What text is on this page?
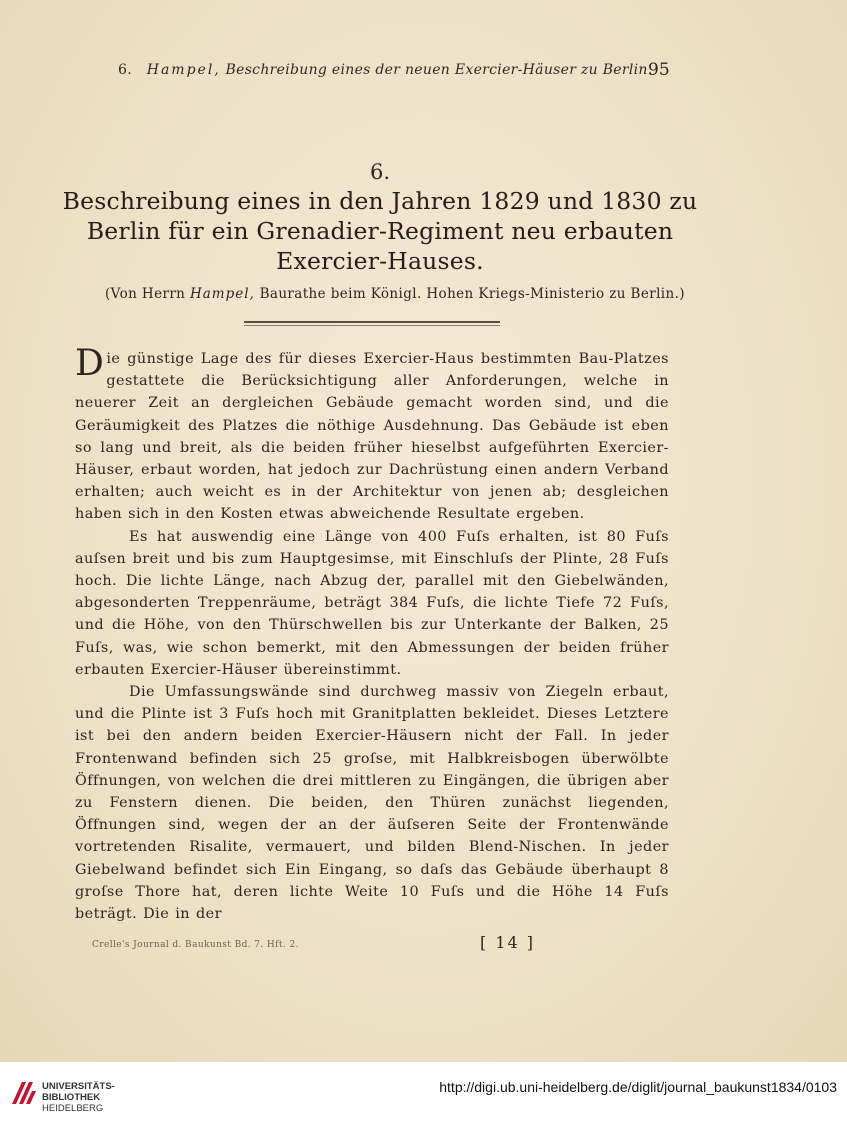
6. Hampel, Beschreibung eines der neuen Exercier-Häuser zu Berlin.
95
6.
Beschreibung eines in den Jahren 1829 und 1830 zu
Berlin für ein Grenadier-Regiment neu erbauten
Exercier-Hauses.
(Von Herrn Hampel, Baurathe beim Königl. Hohen Kriegs-Ministerio zu Berlin.)

Die günstige Lage des für dieses Exercier-Haus bestimmten Bau-Platzes gestattete die Berücksichtigung aller Anforderungen, welche in neuerer Zeit an dergleichen Gebäude gemacht worden sind, und die Geräumigkeit des Platzes die nöthige Ausdehnung. Das Gebäude ist eben so lang und breit, als die beiden früher hieselbst aufgeführten Exercier-Häuser, erbaut worden, hat jedoch zur Dachrüstung einen andern Verband erhalten; auch weicht es in der Architektur von jenen ab; desgleichen haben sich in den Kosten etwas abweichende Resultate ergeben.

Es hat auswendig eine Länge von 400 Fuſs erhalten, ist 80 Fuſs auſsen breit und bis zum Hauptgesimse, mit Einschluſs der Plinte, 28 Fuſs hoch. Die lichte Länge, nach Abzug der, parallel mit den Giebelwänden, abgesonderten Treppenräume, beträgt 384 Fuſs, die lichte Tiefe 72 Fuſs, und die Höhe, von den Thürschwellen bis zur Unterkante der Balken, 25 Fuſs, was, wie schon bemerkt, mit den Abmessungen der beiden früher erbauten Exercier-Häuser übereinstimmt.

Die Umfassungswände sind durchweg massiv von Ziegeln erbaut, und die Plinte ist 3 Fuſs hoch mit Granitplatten bekleidet. Dieses Letztere ist bei den andern beiden Exercier-Häusern nicht der Fall. In jeder Frontenwand befinden sich 25 groſse, mit Halbkreisbogen überwölbte Öffnungen, von welchen die drei mittleren zu Eingängen, die übrigen aber zu Fenstern dienen. Die beiden, den Thüren zunächst liegenden, Öffnungen sind, wegen der an der äuſseren Seite der Frontenwände vortretenden Risalite, vermauert, und bilden Blend-Nischen. In jeder Giebelwand befindet sich Ein Eingang, so daſs das Gebäude überhaupt 8 groſse Thore hat, deren lichte Weite 10 Fuſs und die Höhe 14 Fuſs beträgt. Die in der

Crelle's Journal d. Baukunst Bd. 7. Hft. 2.	[ 14 ]
UNIVERSITÄTS-
BIBLIOTHEK
HEIDELBERG
http://digi.ub.uni-heidelberg.de/diglit/journal_baukunst1834/0103
